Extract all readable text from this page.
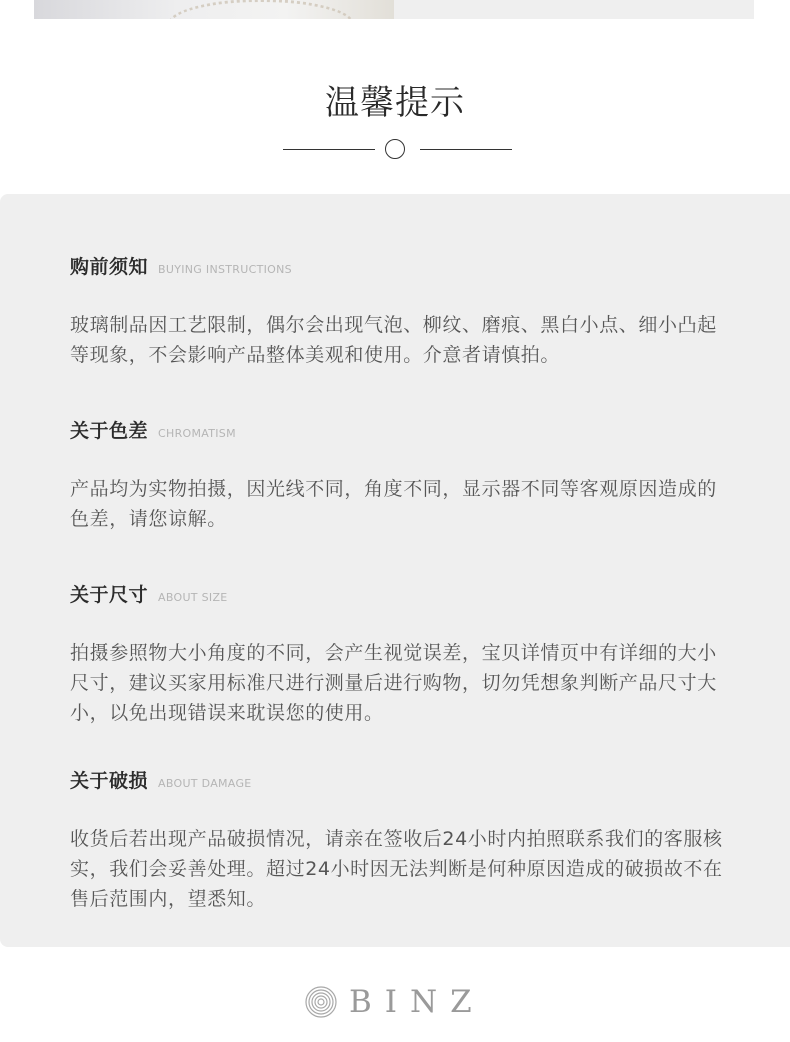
温馨提示
购前须知 BUYING INSTRUCTIONS
玻璃制品因工艺限制，偶尔会出现气泡、柳纹、磨痕、黑白小点、细小凸起等现象，不会影响产品整体美观和使用。介意者请慎拍。
关于色差 CHROMATISM
产品均为实物拍摄，因光线不同，角度不同，显示器不同等客观原因造成的色差，请您谅解。
关于尺寸 ABOUT SIZE
拍摄参照物大小角度的不同，会产生视觉误差，宝贝详情页中有详细的大小尺寸，建议买家用标准尺进行测量后进行购物，切勿凭想象判断产品尺寸大小，以免出现错误来耽误您的使用。
关于破损 ABOUT DAMAGE
收货后若出现产品破损情况，请亲在签收后24小时内拍照联系我们的客服核实，我们会妥善处理。超过24小时因无法判断是何种原因造成的破损故不在售后范围内，望悉知。
BINZ
